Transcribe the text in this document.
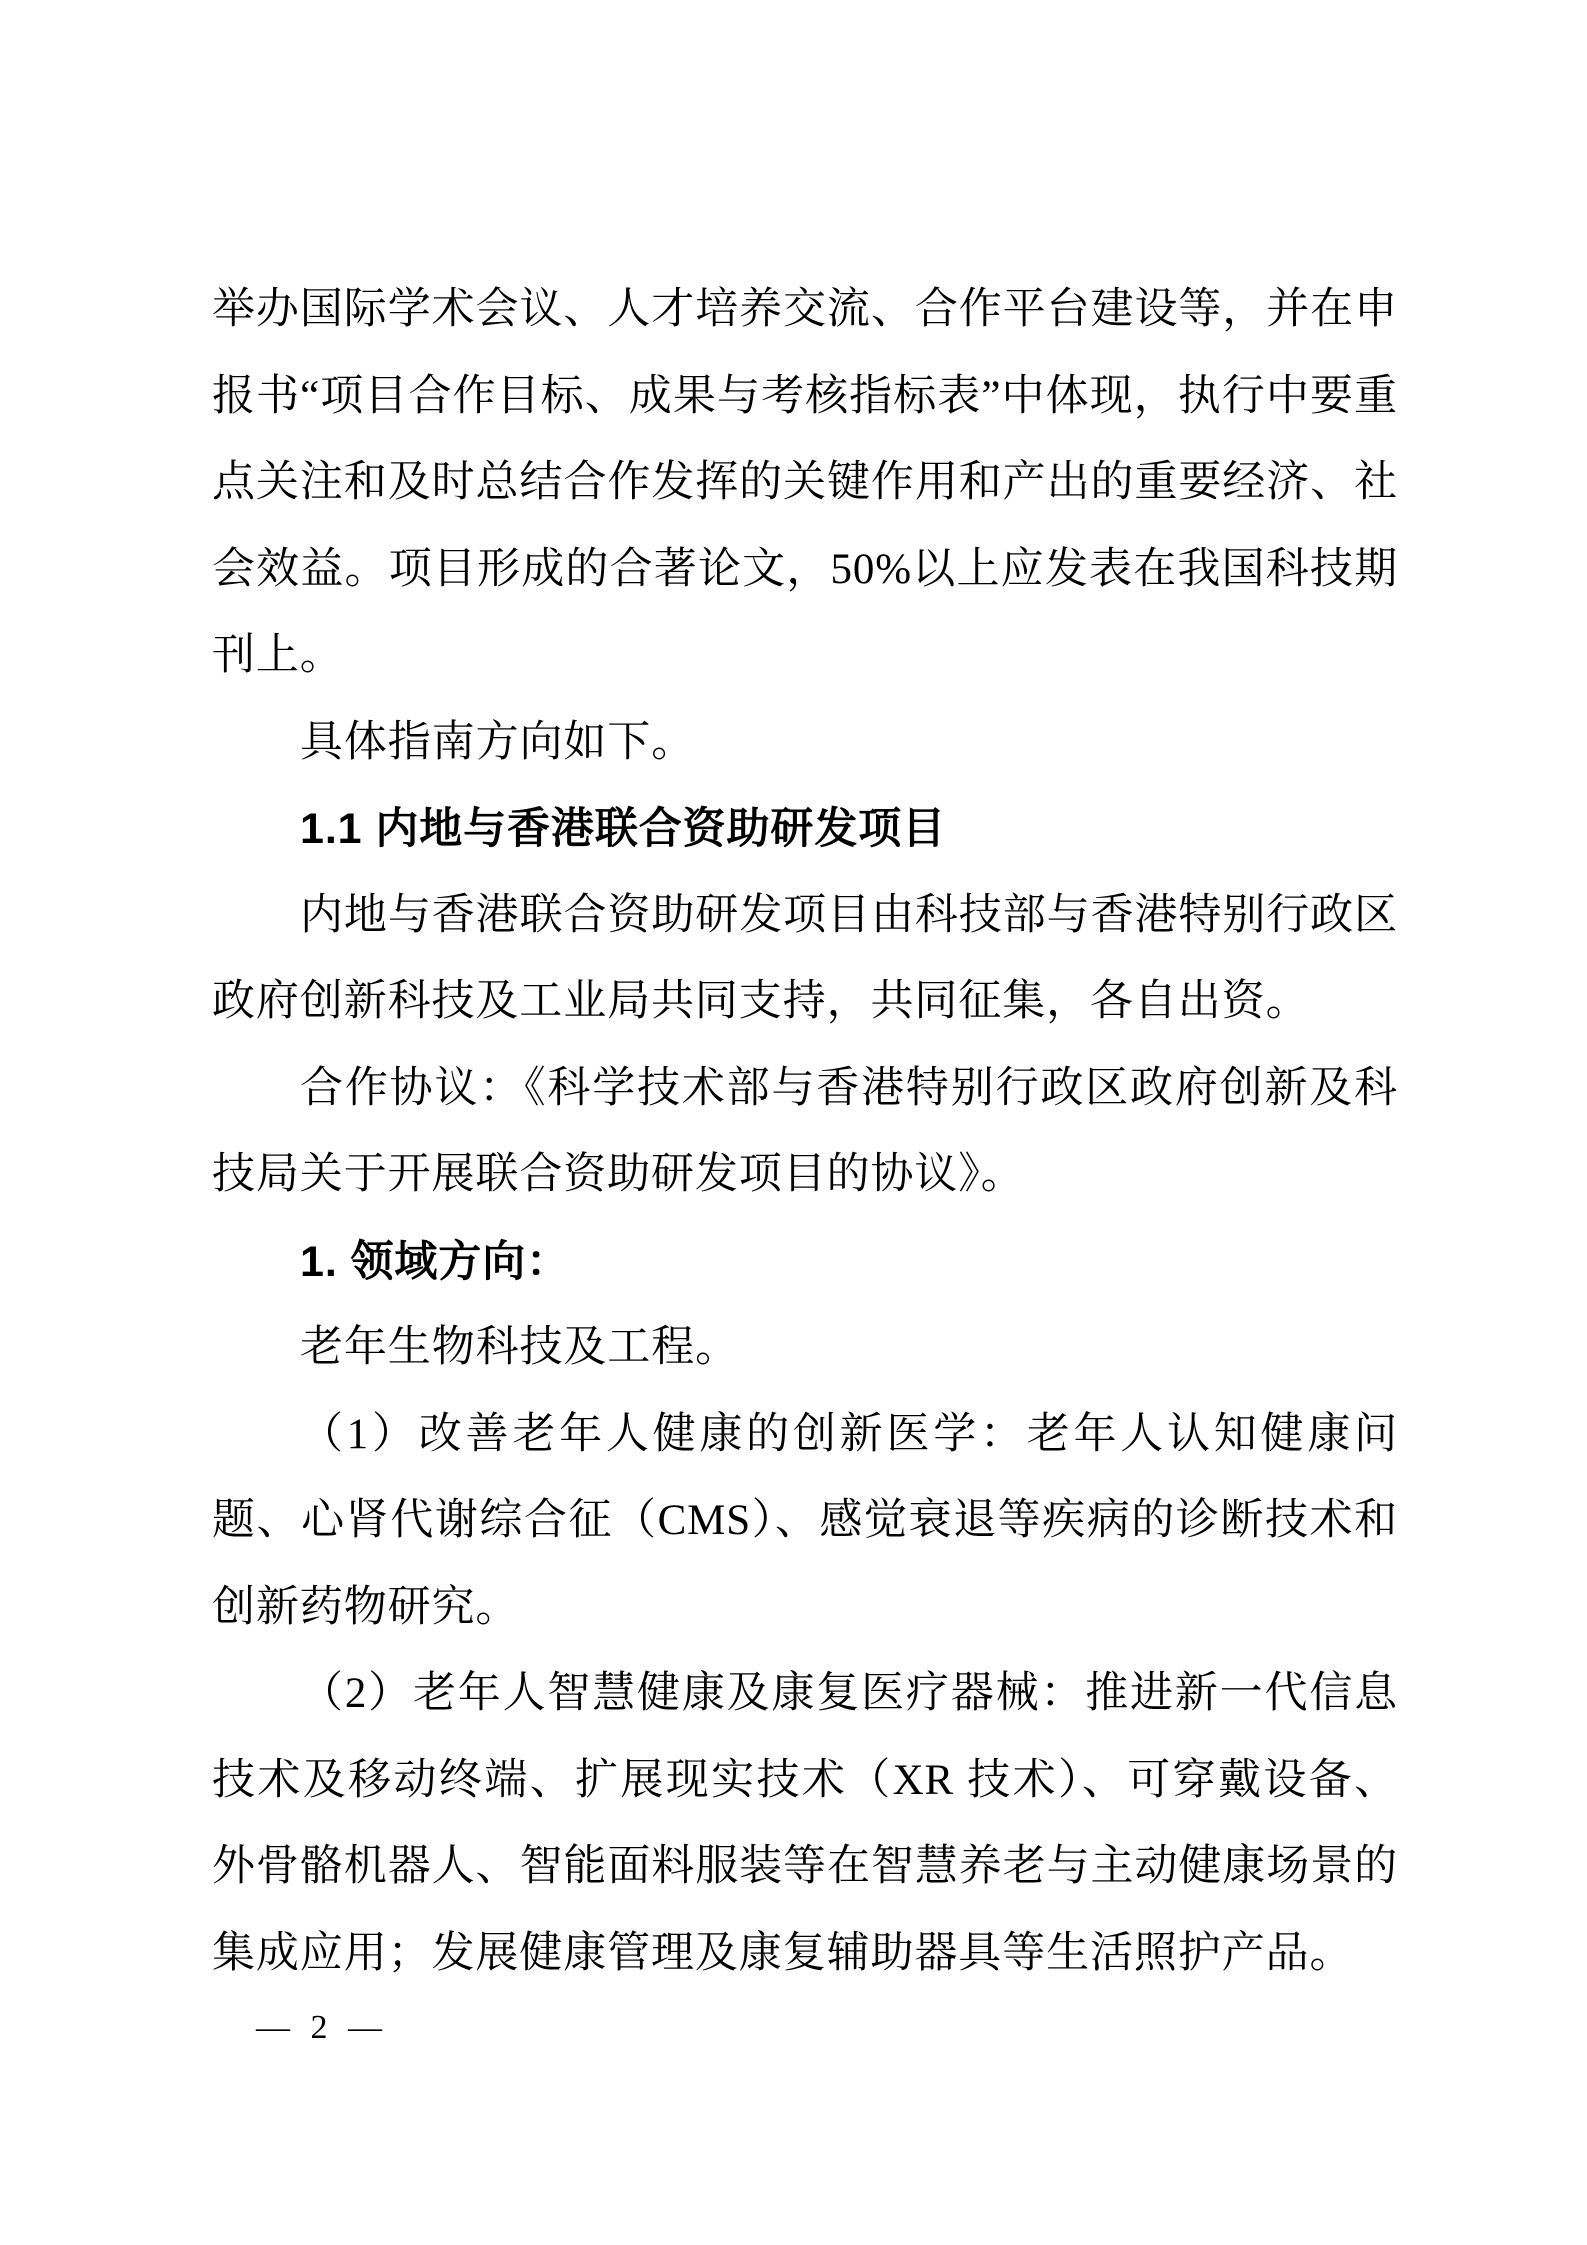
举办国际学术会议、人才培养交流、合作平台建设等，并在申报书“项目合作目标、成果与考核指标表”中体现，执行中要重点关注和及时总结合作发挥的关键作用和产出的重要经济、社会效益。项目形成的合著论文，50%以上应发表在我国科技期刊上。

具体指南方向如下。

1.1 内地与香港联合资助研发项目

内地与香港联合资助研发项目由科技部与香港特别行政区政府创新科技及工业局共同支持，共同征集，各自出资。

合作协议：《科学技术部与香港特别行政区政府创新及科技局关于开展联合资助研发项目的协议》。

1. 领域方向：

老年生物科技及工程。

（1）改善老年人健康的创新医学：老年人认知健康问题、心肾代谢综合征（CMS）、感觉衰退等疾病的诊断技术和创新药物研究。

（2）老年人智慧健康及康复医疗器械：推进新一代信息技术及移动终端、扩展现实技术（XR 技术）、可穿戴设备、外骨骼机器人、智能面料服装等在智慧养老与主动健康场景的集成应用；发展健康管理及康复辅助器具等生活照护产品。

— 2 —
